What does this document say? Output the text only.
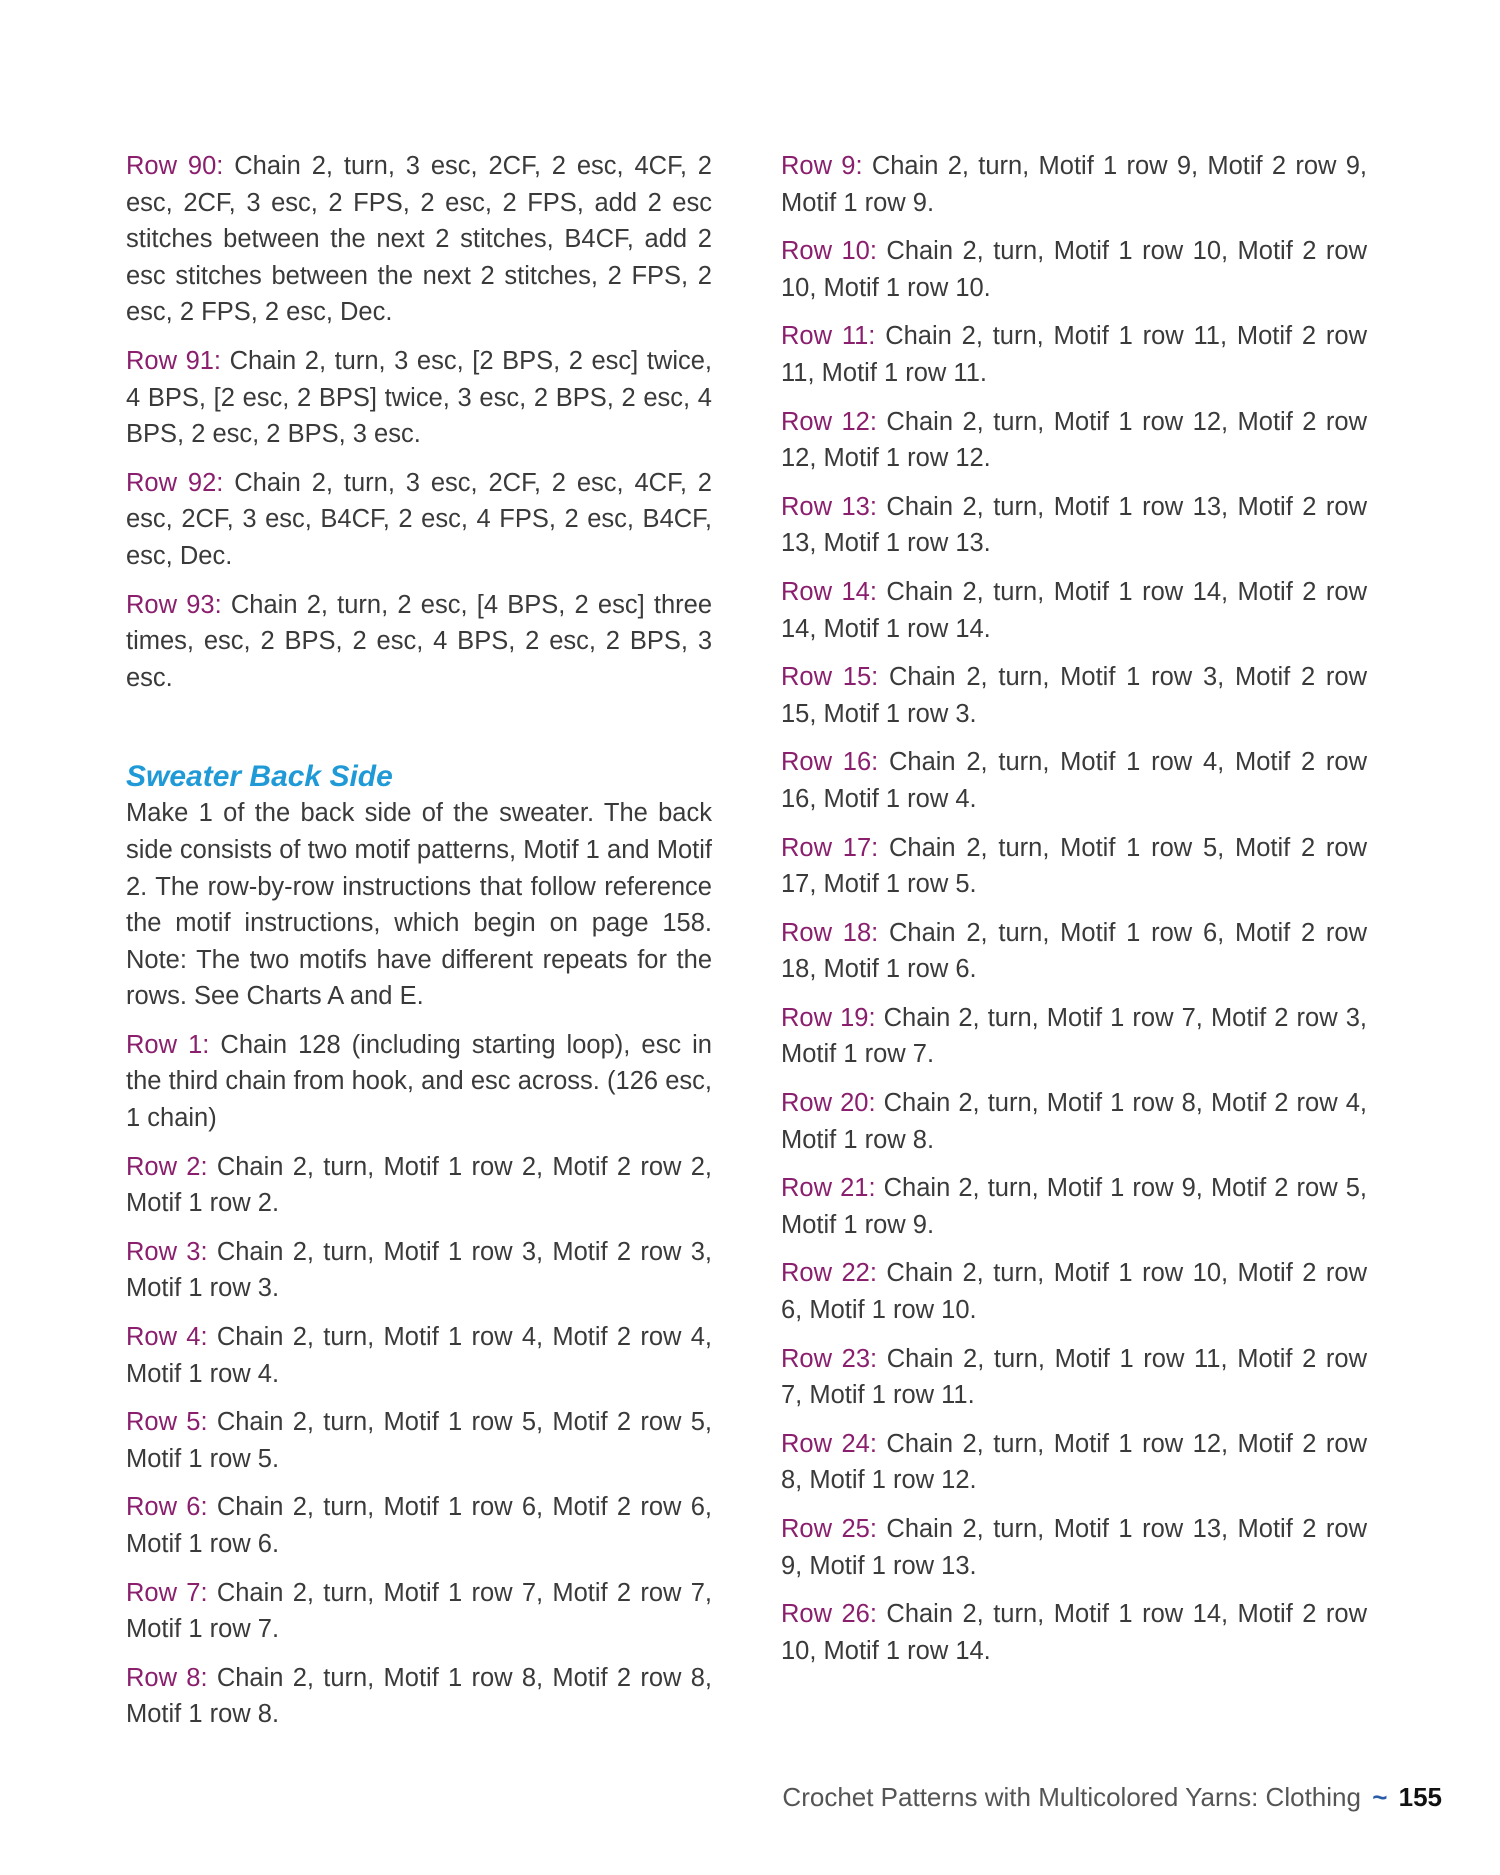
Row 90: Chain 2, turn, 3 esc, 2CF, 2 esc, 4CF, 2 esc, 2CF, 3 esc, 2 FPS, 2 esc, 2 FPS, add 2 esc stitches between the next 2 stitches, B4CF, add 2 esc stitches between the next 2 stitches, 2 FPS, 2 esc, 2 FPS, 2 esc, Dec.

Row 91: Chain 2, turn, 3 esc, [2 BPS, 2 esc] twice, 4 BPS, [2 esc, 2 BPS] twice, 3 esc, 2 BPS, 2 esc, 4 BPS, 2 esc, 2 BPS, 3 esc.

Row 92: Chain 2, turn, 3 esc, 2CF, 2 esc, 4CF, 2 esc, 2CF, 3 esc, B4CF, 2 esc, 4 FPS, 2 esc, B4CF, esc, Dec.

Row 93: Chain 2, turn, 2 esc, [4 BPS, 2 esc] three times, esc, 2 BPS, 2 esc, 4 BPS, 2 esc, 2 BPS, 3 esc.

Sweater Back Side

Make 1 of the back side of the sweater. The back side consists of two motif patterns, Motif 1 and Motif 2. The row-by-row instructions that follow reference the motif instructions, which begin on page 158. Note: The two motifs have different repeats for the rows. See Charts A and E.

Row 1: Chain 128 (including starting loop), esc in the third chain from hook, and esc across. (126 esc, 1 chain)

Row 2: Chain 2, turn, Motif 1 row 2, Motif 2 row 2, Motif 1 row 2.

Row 3: Chain 2, turn, Motif 1 row 3, Motif 2 row 3, Motif 1 row 3.

Row 4: Chain 2, turn, Motif 1 row 4, Motif 2 row 4, Motif 1 row 4.

Row 5: Chain 2, turn, Motif 1 row 5, Motif 2 row 5, Motif 1 row 5.

Row 6: Chain 2, turn, Motif 1 row 6, Motif 2 row 6, Motif 1 row 6.

Row 7: Chain 2, turn, Motif 1 row 7, Motif 2 row 7, Motif 1 row 7.

Row 8: Chain 2, turn, Motif 1 row 8, Motif 2 row 8, Motif 1 row 8.

Row 9: Chain 2, turn, Motif 1 row 9, Motif 2 row 9, Motif 1 row 9.

Row 10: Chain 2, turn, Motif 1 row 10, Motif 2 row 10, Motif 1 row 10.

Row 11: Chain 2, turn, Motif 1 row 11, Motif 2 row 11, Motif 1 row 11.

Row 12: Chain 2, turn, Motif 1 row 12, Motif 2 row 12, Motif 1 row 12.

Row 13: Chain 2, turn, Motif 1 row 13, Motif 2 row 13, Motif 1 row 13.

Row 14: Chain 2, turn, Motif 1 row 14, Motif 2 row 14, Motif 1 row 14.

Row 15: Chain 2, turn, Motif 1 row 3, Motif 2 row 15, Motif 1 row 3.

Row 16: Chain 2, turn, Motif 1 row 4, Motif 2 row 16, Motif 1 row 4.

Row 17: Chain 2, turn, Motif 1 row 5, Motif 2 row 17, Motif 1 row 5.

Row 18: Chain 2, turn, Motif 1 row 6, Motif 2 row 18, Motif 1 row 6.

Row 19: Chain 2, turn, Motif 1 row 7, Motif 2 row 3, Motif 1 row 7.

Row 20: Chain 2, turn, Motif 1 row 8, Motif 2 row 4, Motif 1 row 8.

Row 21: Chain 2, turn, Motif 1 row 9, Motif 2 row 5, Motif 1 row 9.

Row 22: Chain 2, turn, Motif 1 row 10, Motif 2 row 6, Motif 1 row 10.

Row 23: Chain 2, turn, Motif 1 row 11, Motif 2 row 7, Motif 1 row 11.

Row 24: Chain 2, turn, Motif 1 row 12, Motif 2 row 8, Motif 1 row 12.

Row 25: Chain 2, turn, Motif 1 row 13, Motif 2 row 9, Motif 1 row 13.

Row 26: Chain 2, turn, Motif 1 row 14, Motif 2 row 10, Motif 1 row 14.

Crochet Patterns with Multicolored Yarns: Clothing ~ 155
